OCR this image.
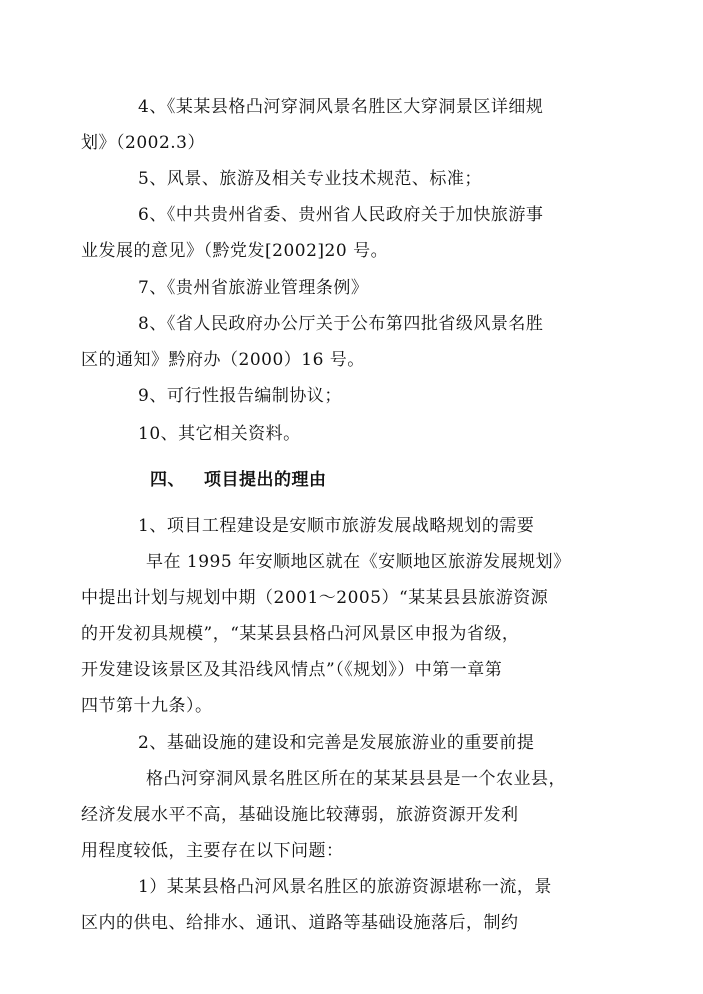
4、《某某县格凸河穿洞风景名胜区大穿洞景区详细规
划》（2002.3）
5、风景、旅游及相关专业技术规范、标准；
6、《中共贵州省委、贵州省人民政府关于加快旅游事
业发展的意见》（黔党发[2002]20 号。
7、《贵州省旅游业管理条例》
8、《省人民政府办公厅关于公布第四批省级风景名胜
区的通知》黔府办（2000）16 号。
9、可行性报告编制协议；
10、其它相关资料。
四、 项目提出的理由
1、项目工程建设是安顺市旅游发展战略规划的需要
早在 1995 年安顺地区就在《安顺地区旅游发展规划》
中提出计划与规划中期（2001～2005）“某某县县旅游资源
的开发初具规模”，“某某县县格凸河风景区申报为省级，
开发建设该景区及其沿线风情点”（《规划》）中第一章第
四节第十九条）。
2、基础设施的建设和完善是发展旅游业的重要前提
格凸河穿洞风景名胜区所在的某某县县是一个农业县，
经济发展水平不高，基础设施比较薄弱，旅游资源开发利
用程度较低，主要存在以下问题：
1）某某县格凸河风景名胜区的旅游资源堪称一流，景
区内的供电、给排水、通讯、道路等基础设施落后，制约
